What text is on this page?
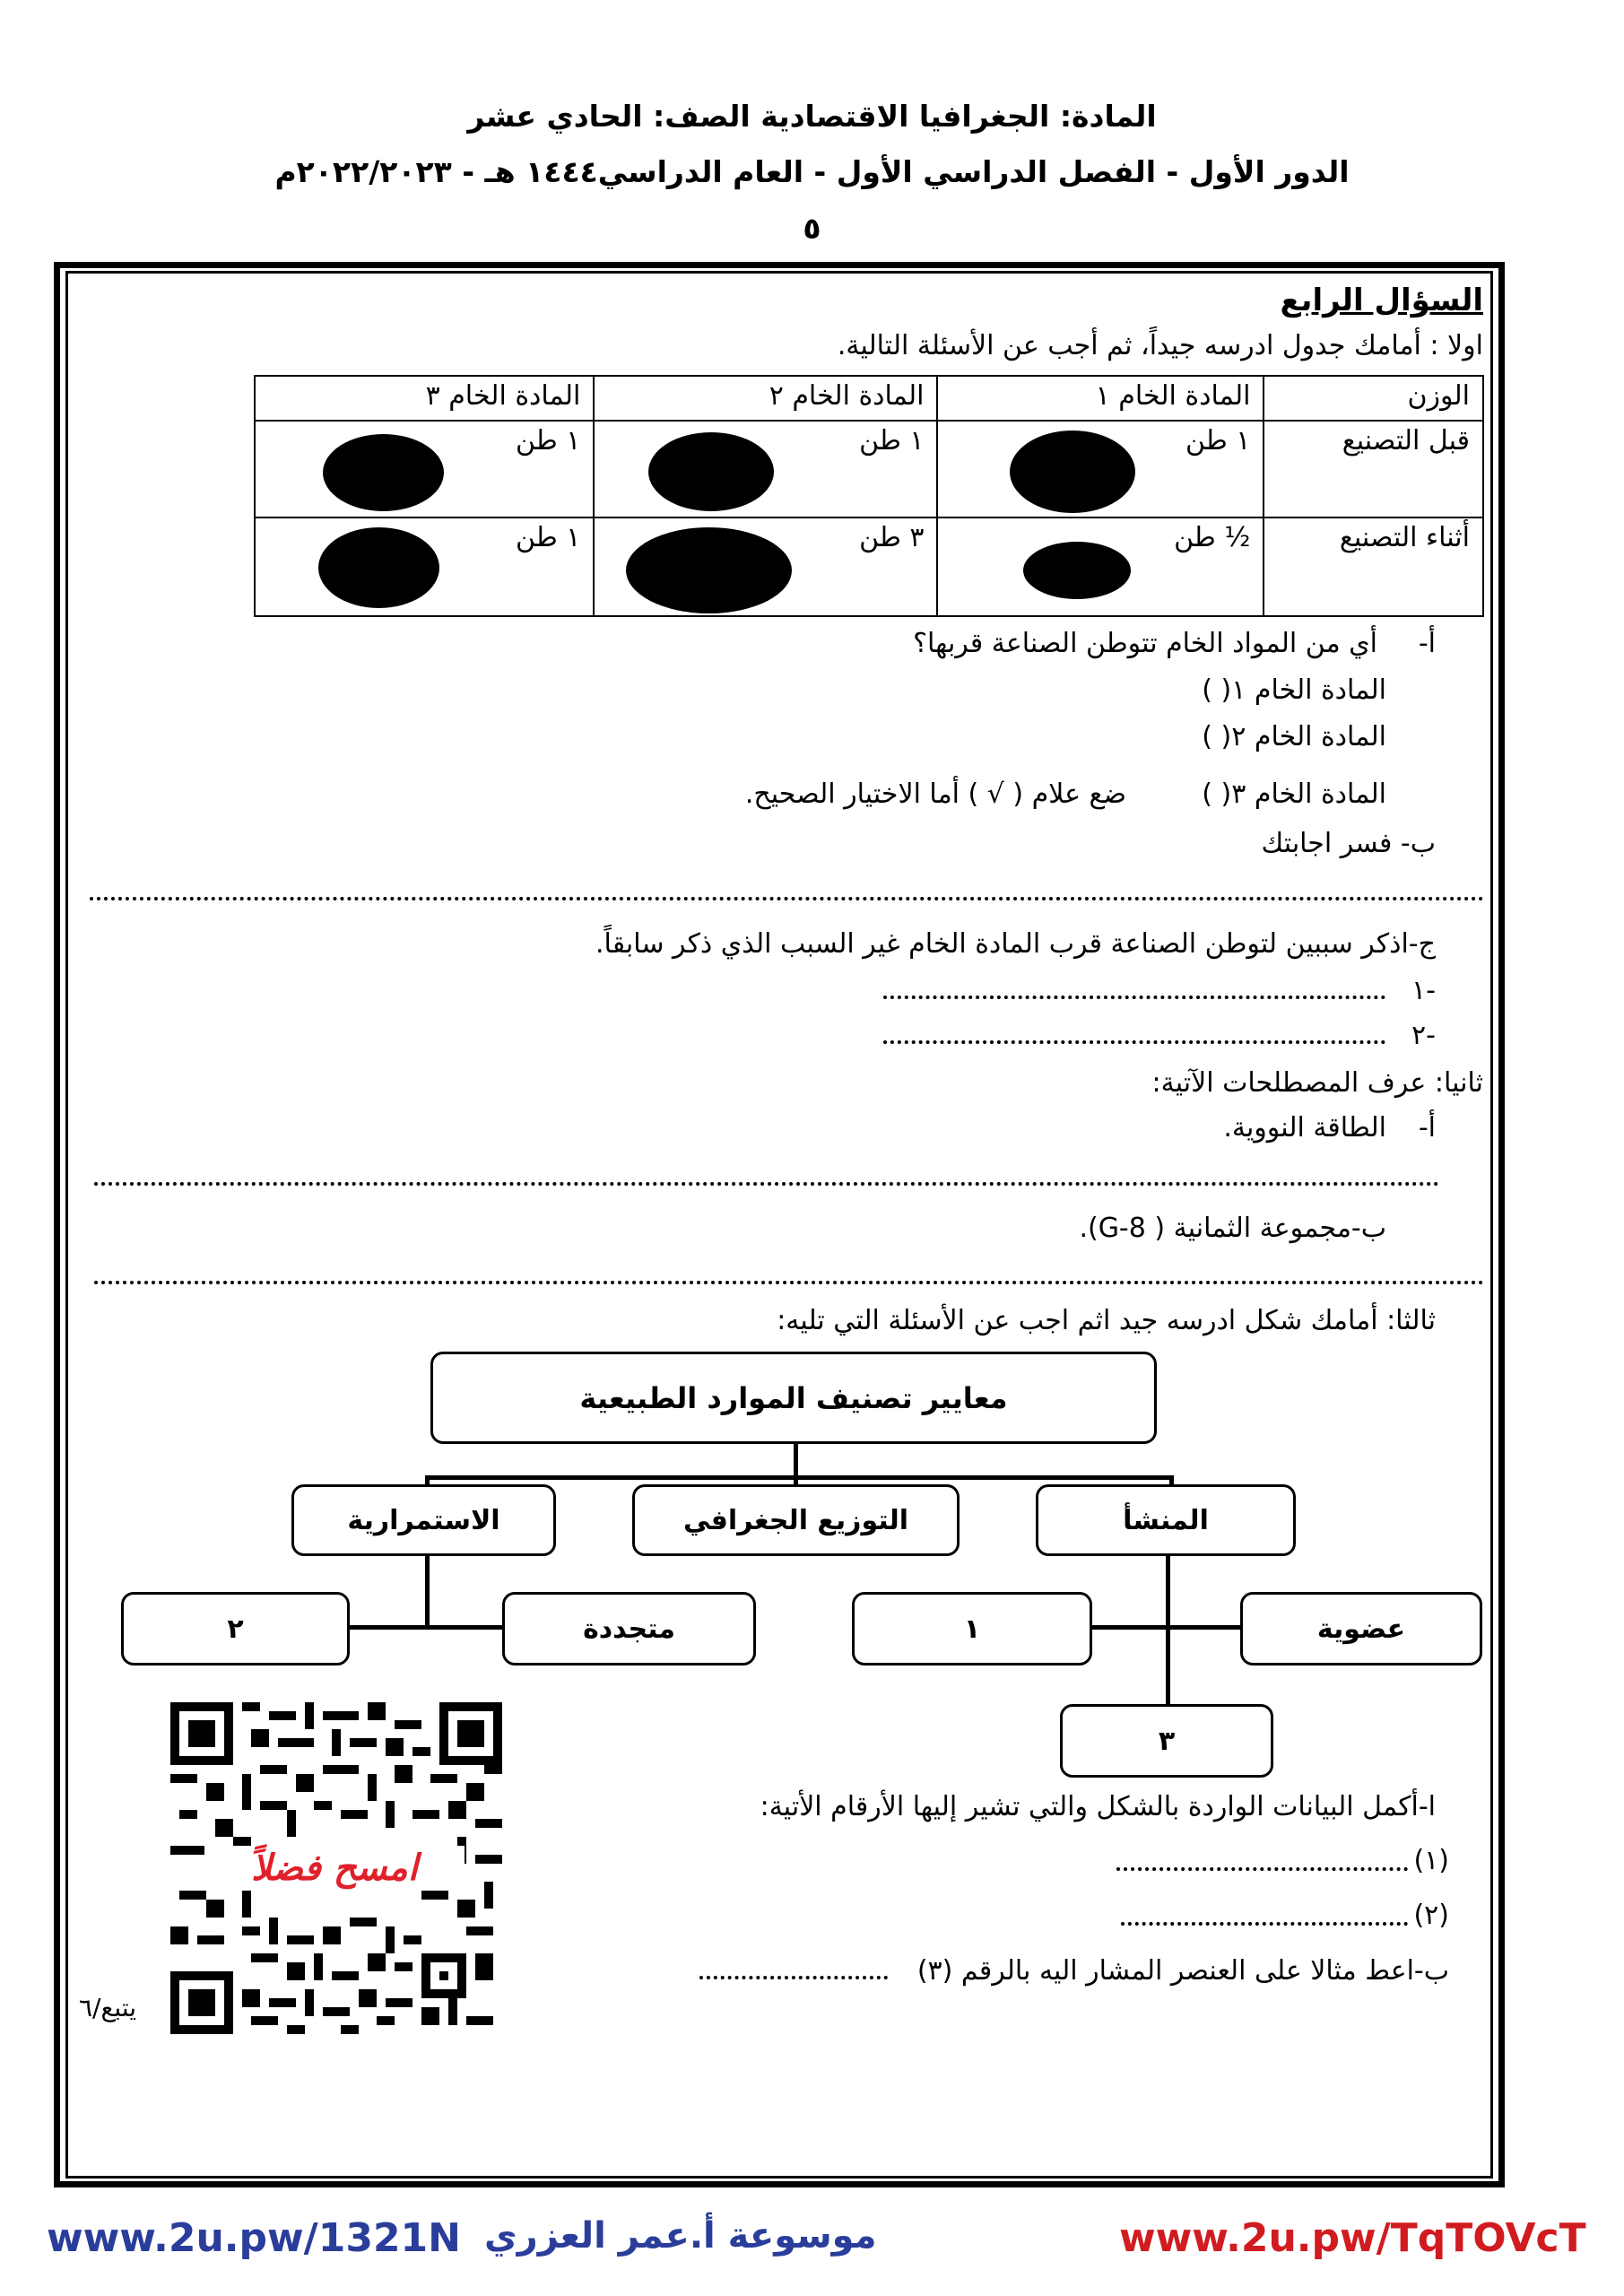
المادة: الجغرافيا الاقتصادية الصف: الحادي عشر
الدور الأول - الفصل الدراسي الأول - العام الدراسي١٤٤٤ هـ - ٢٠٢٢/٢٠٢٣م
٥
السؤال الرابع
اولا : أمامك جدول ادرسه جيداً، ثم أجب عن الأسئلة التالية.
الوزن	المادة الخام ١	المادة الخام ٢	المادة الخام ٣
قبل التصنيع	١ طن	١ طن	١ طن

أثناء التصنيع	½ طن	٣ طن	١ طن
أ-
أي من المواد الخام تتوطن الصناعة قربها؟
المادة الخام ١( )
المادة الخام ٢( )
المادة الخام ٣( )
ضع علام ( √ ) أما الاختيار الصحيح.
ب- فسر اجابتك
ج-اذكر سببين لتوطن الصناعة قرب المادة الخام غير السبب الذي ذكر سابقاً.
-١
-٢
ثانيا: عرف المصطلحات الآتية:
أ-
الطاقة النووية.
ب-مجموعة الثمانية ( G-8).
ثالثا: أمامك شكل ادرسه جيد اثم اجب عن الأسئلة التي تليه:
معايير تصنيف الموارد الطبيعية
المنشأ
التوزيع الجغرافي
الاستمرارية
عضوية
١
٣
متجددة
٢
ا-أكمل البيانات الواردة بالشكل والتي تشير إليها الأرقام الأتية:
(١)
(٢)
ب-اعط مثالا على العنصر المشار اليه بالرقم (٣)
امسح فضلاً
يتبع/٦
www.2u.pw/1321N موسوعة أ.عمر العزري	www.2u.pw/TqTOVcT
